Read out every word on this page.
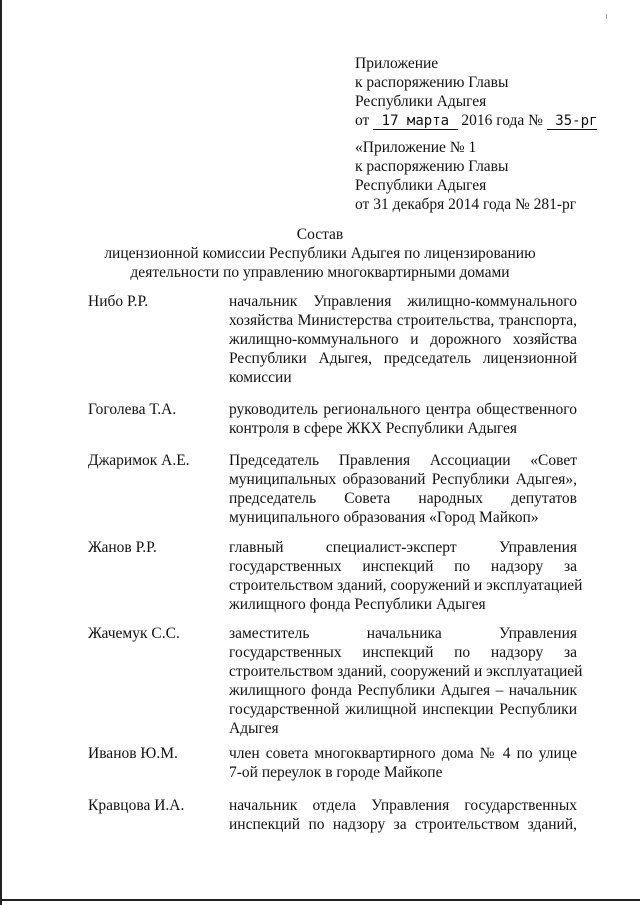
Приложение
к распоряжению Главы
Республики Адыгея
от 17 марта 2016 года № 35-рг
«Приложение № 1
к распоряжению Главы
Республики Адыгея
от 31 декабря 2014 года № 281-рг
Состав
лицензионной комиссии Республики Адыгея по лицензированию
деятельности по управлению многоквартирными домами
Нибо Р.Р.	начальник Управления жилищно-коммунального
хозяйства Министерства строительства, транспорта,
жилищно-коммунального и дорожного хозяйства
Республики Адыгея, председатель лицензионной
комиссии
Гоголева Т.А.	руководитель регионального центра общественного
контроля в сфере ЖКХ Республики Адыгея
Джаримок А.Е.	Председатель Правления Ассоциации «Совет
муниципальных образований Республики Адыгея»,
председатель Совета народных депутатов
муниципального образования «Город Майкоп»
Жанов Р.Р.	главный специалист-эксперт Управления
государственных инспекций по надзору за
строительством зданий, сооружений и эксплуатацией
жилищного фонда Республики Адыгея
Жачемук С.С.	заместитель начальника Управления
государственных инспекций по надзору за
строительством зданий, сооружений и эксплуатацией
жилищного фонда Республики Адыгея – начальник
государственной жилищной инспекции Республики
Адыгея
Иванов Ю.М.	член совета многоквартирного дома № 4 по улице
7-ой переулок в городе Майкопе
Кравцова И.А.	начальник отдела Управления государственных
инспекций по надзору за строительством зданий,
